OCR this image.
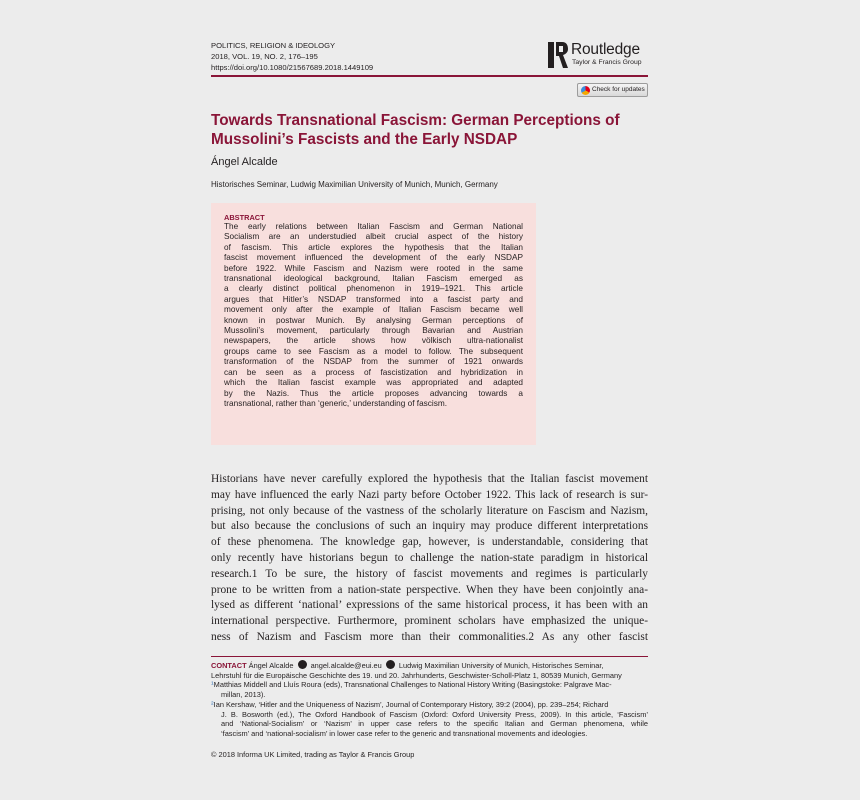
POLITICS, RELIGION & IDEOLOGY
2018, VOL. 19, NO. 2, 176–195
https://doi.org/10.1080/21567689.2018.1449109
Routledge
Taylor & Francis Group
Check for updates
Towards Transnational Fascism: German Perceptions of
Mussolini’s Fascists and the Early NSDAP
Ángel Alcalde
Historisches Seminar, Ludwig Maximilian University of Munich, Munich, Germany
ABSTRACT
The early relations between Italian Fascism and German National
Socialism are an understudied albeit crucial aspect of the history
of fascism. This article explores the hypothesis that the Italian
fascist movement influenced the development of the early NSDAP
before 1922. While Fascism and Nazism were rooted in the same
transnational ideological background, Italian Fascism emerged as
a clearly distinct political phenomenon in 1919–1921. This article
argues that Hitler’s NSDAP transformed into a fascist party and
movement only after the example of Italian Fascism became well
known in postwar Munich. By analysing German perceptions of
Mussolini’s movement, particularly through Bavarian and Austrian
newspapers, the article shows how völkisch ultra-nationalist
groups came to see Fascism as a model to follow. The subsequent
transformation of the NSDAP from the summer of 1921 onwards
can be seen as a process of fascistization and hybridization in
which the Italian fascist example was appropriated and adapted
by the Nazis. Thus the article proposes advancing towards a
transnational, rather than ‘generic,’ understanding of fascism.
Historians have never carefully explored the hypothesis that the Italian fascist movement
may have influenced the early Nazi party before October 1922. This lack of research is sur-
prising, not only because of the vastness of the scholarly literature on Fascism and Nazism,
but also because the conclusions of such an inquiry may produce different interpretations
of these phenomena. The knowledge gap, however, is understandable, considering that
only recently have historians begun to challenge the nation-state paradigm in historical
research.1 To be sure, the history of fascist movements and regimes is particularly
prone to be written from a nation-state perspective. When they have been conjointly ana-
lysed as different ‘national’ expressions of the same historical process, it has been with an
international perspective. Furthermore, prominent scholars have emphasized the unique-
ness of Nazism and Fascism more than their commonalities.2 As any other fascist
CONTACT Ángel Alcalde angel.alcalde@eui.eu Ludwig Maximilian University of Munich, Historisches Seminar,
Lehrstuhl für die Europäische Geschichte des 19. und 20. Jahrhunderts, Geschwister-Scholl-Platz 1, 80539 Munich, Germany
$^1$Matthias Middell and Lluís Roura (eds), Transnational Challenges to National History Writing (Basingstoke: Palgrave Mac-
millan, 2013).
$^2$Ian Kershaw, ‘Hitler and the Uniqueness of Nazism’, Journal of Contemporary History, 39:2 (2004), pp. 239–254; Richard
J. B. Bosworth (ed.), The Oxford Handbook of Fascism (Oxford: Oxford University Press, 2009). In this article, ‘Fascism’
and ‘National-Socialism’ or ‘Nazism’ in upper case refers to the specific Italian and German phenomena, while
‘fascism’ and ‘national-socialism’ in lower case refer to the generic and transnational movements and ideologies.
© 2018 Informa UK Limited, trading as Taylor & Francis Group
